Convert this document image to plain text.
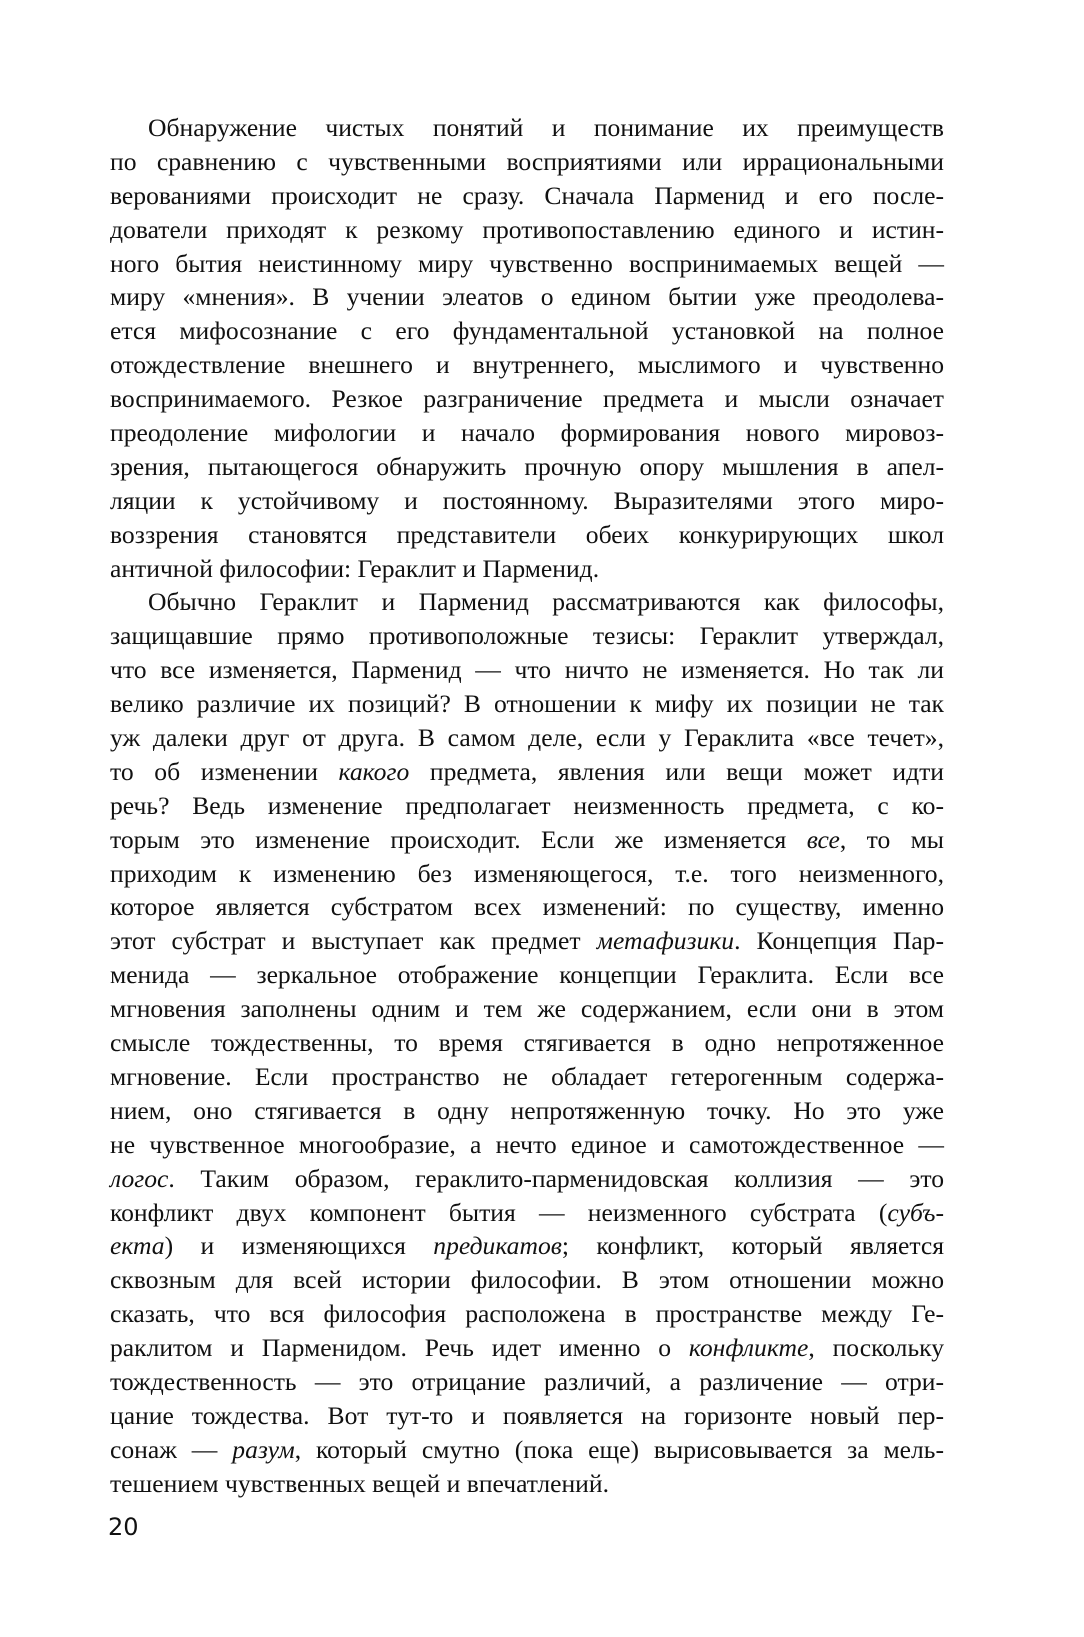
Обнаружение чистых понятий и понимание их преимуществ
по сравнению с чувственными восприятиями или иррациональными
верованиями происходит не сразу. Сначала Парменид и его после-
дователи приходят к резкому противопоставлению единого и истин-
ного бытия неистинному миру чувственно воспринимаемых вещей —
миру «мнения». В учении элеатов о едином бытии уже преодолева-
ется мифосознание с его фундаментальной установкой на полное
отождествление внешнего и внутреннего, мыслимого и чувственно
воспринимаемого. Резкое разграничение предмета и мысли означает
преодоление мифологии и начало формирования нового мировоз-
зрения, пытающегося обнаружить прочную опору мышления в апел-
ляции к устойчивому и постоянному. Выразителями этого миро-
воззрения становятся представители обеих конкурирующих школ
античной философии: Гераклит и Парменид.
Обычно Гераклит и Парменид рассматриваются как философы,
защищавшие прямо противоположные тезисы: Гераклит утверждал,
что все изменяется, Парменид — что ничто не изменяется. Но так ли
велико различие их позиций? В отношении к мифу их позиции не так
уж далеки друг от друга. В самом деле, если у Гераклита «все течет»,
то об изменении какого предмета, явления или вещи может идти
речь? Ведь изменение предполагает неизменность предмета, с ко-
торым это изменение происходит. Если же изменяется все, то мы
приходим к изменению без изменяющегося, т.е. того неизменного,
которое является субстратом всех изменений: по существу, именно
этот субстрат и выступает как предмет метафизики. Концепция Пар-
менида — зеркальное отображение концепции Гераклита. Если все
мгновения заполнены одним и тем же содержанием, если они в этом
смысле тождественны, то время стягивается в одно непротяженное
мгновение. Если пространство не обладает гетерогенным содержа-
нием, оно стягивается в одну непротяженную точку. Но это уже
не чувственное многообразие, а нечто единое и самотождественное —
логос. Таким образом, гераклито-парменидовская коллизия — это
конфликт двух компонент бытия — неизменного субстрата (субъ-
екта) и изменяющихся предикатов; конфликт, который является
сквозным для всей истории философии. В этом отношении можно
сказать, что вся философия расположена в пространстве между Ге-
раклитом и Парменидом. Речь идет именно о конфликте, поскольку
тождественность — это отрицание различий, а различение — отри-
цание тождества. Вот тут-то и появляется на горизонте новый пер-
сонаж — разум, который смутно (пока еще) вырисовывается за мель-
тешением чувственных вещей и впечатлений.
20
